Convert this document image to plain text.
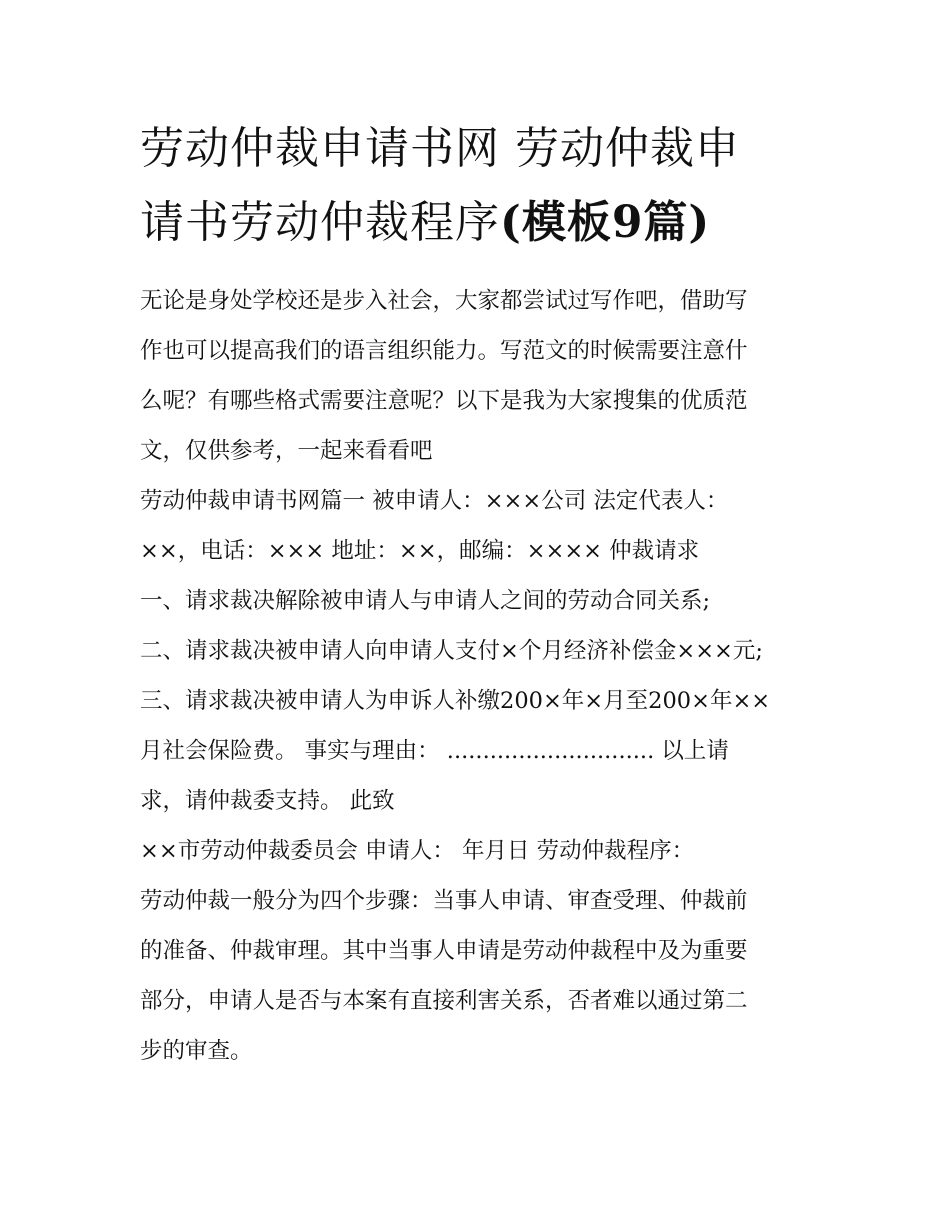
劳动仲裁申请书网 劳动仲裁申
请书劳动仲裁程序(模板9篇)
无论是身处学校还是步入社会，大家都尝试过写作吧，借助写
作也可以提高我们的语言组织能力。写范文的时候需要注意什
么呢？有哪些格式需要注意呢？以下是我为大家搜集的优质范
文，仅供参考，一起来看看吧
劳动仲裁申请书网篇一 被申请人：×××公司 法定代表人：
××，电话：××× 地址：××，邮编：×××× 仲裁请求
一、请求裁决解除被申请人与申请人之间的劳动合同关系;
二、请求裁决被申请人向申请人支付×个月经济补偿金×××元;
三、请求裁决被申请人为申诉人补缴200×年×月至200×年××
月社会保险费。 事实与理由： ............................. 以上请
求，请仲裁委支持。 此致
××市劳动仲裁委员会 申请人： 年月日 劳动仲裁程序：
劳动仲裁一般分为四个步骤：当事人申请、审查受理、仲裁前
的准备、仲裁审理。其中当事人申请是劳动仲裁程中及为重要
部分，申请人是否与本案有直接利害关系，否者难以通过第二
步的审查。
